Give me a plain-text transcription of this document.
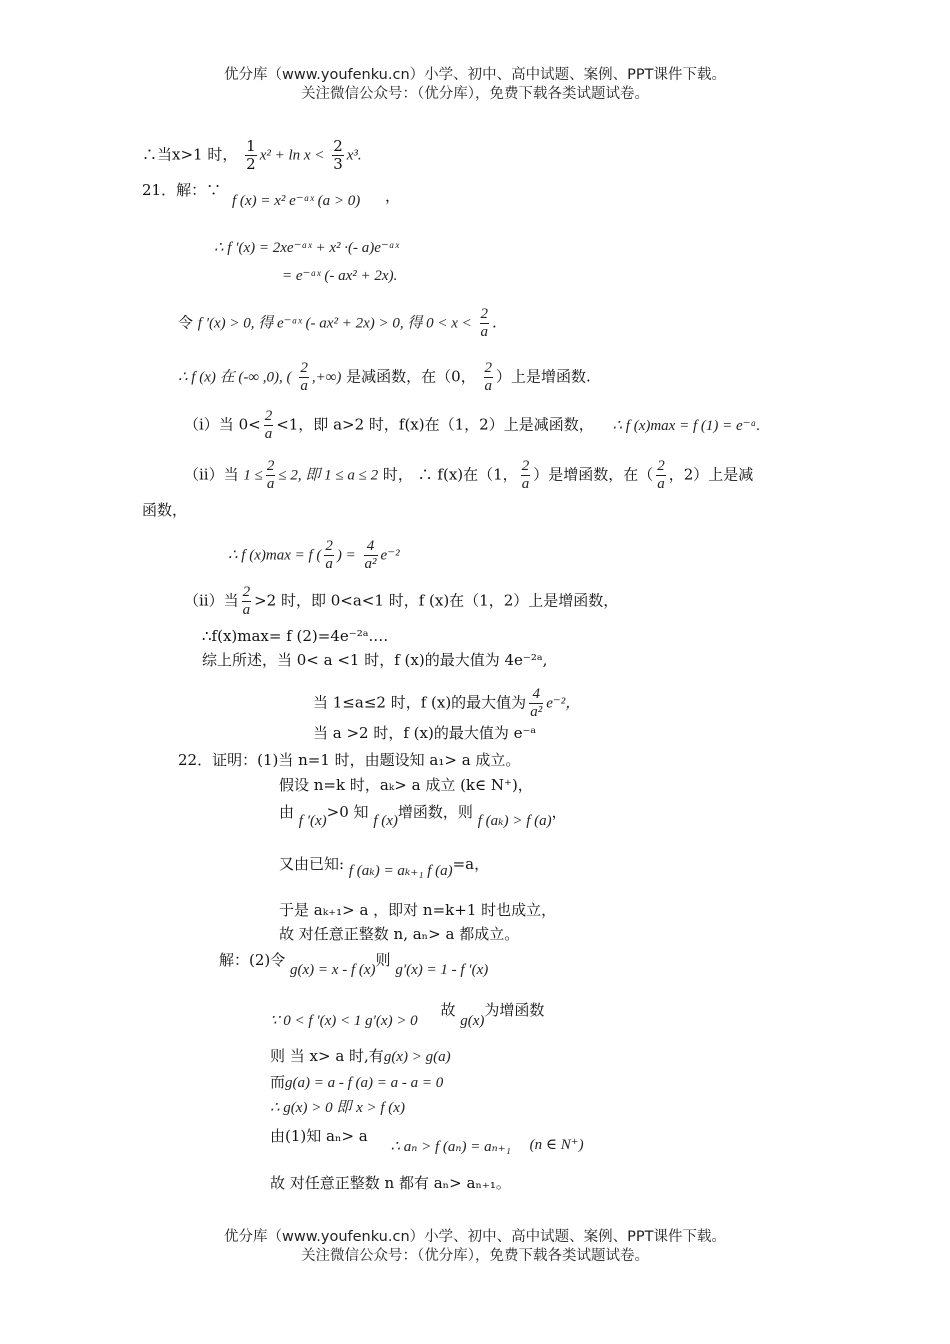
优分库（www.youfenku.cn）小学、初中、高中试题、案例、PPT课件下载。
关注微信公众号：（优分库），免费下载各类试题试卷。
∴当x>1 时， $\frac{1}{2} x^2 + \ln x < \frac{2}{3} x^3$.
21．解：∵
f (x) = x² e⁻ᵃˣ (a > 0) ，
∴ f ′(x) = 2xe⁻ᵃˣ + x² ·(- a)e⁻ᵃˣ
= e⁻ᵃˣ (- ax² + 2x).
令 f ′(x) > 0, 得 e⁻ᵃˣ (- ax² + 2x) > 0, 得 $0 < x < \frac{2}{a}$ .
∴ f (x) 在 (-∞ ,0), ( $\frac{2}{a}$ ,+∞) 是减函数，在（0， $\frac{2}{a}$ ）上是增函数.
（i）当 $0< \frac{2}{a} <1$，即 a>2 时，f(x)在（1，2）上是减函数， ∴ f (x)max = f (1) = e⁻ᵃ.
（ii）当 $1 \le \frac{2}{a} \le 2$, 即 1 ≤ a ≤ 2 时， ∴ f(x)在（1， $\frac{2}{a}$ ）是增函数，在（ $\frac{2}{a}$ ，2）上是减
函数，
∴ f (x)max = f ( $\frac{2}{a}$ ) = $\frac{4}{\text{a²}} e^{-2}$
（ii）当 $\frac{2}{a} >2$ 时，即 0<a<1 时，f (x)在（1，2）上是增函数，
∴f(x)max= f (2)=4e⁻²ᵃ.…
综上所述，当 0< a <1 时，f (x)的最大值为 4e⁻²ᵃ,
当 1≤a≤2 时，f (x)的最大值为 $\frac{4}{\text{a²}} e^{-2}$，
当 a >2 时，f (x)的最大值为 e⁻ᵃ
22．证明：(1)当 n=1 时，由题设知 a₁> a 成立。
假设 n=k 时，aₖ> a 成立 (k∈ N⁺)，
由 f ′(x)>0 知 f (x)增函数，则 f (aₖ) > f (a)，
又由已知: f (aₖ) = aₖ₊₁ f (a)=a，
于是 aₖ₊₁> a ，即对 n=k+1 时也成立，
故 对任意正整数 n, aₙ> a 都成立。
解：(2)令 g(x) = x - f (x)则 g′(x) = 1 - f ′(x)
∵ 0 < f ′(x) < 1 g′(x) > 0 故 g(x)为增函数
则 当 x> a 时,有g(x) > g(a)
而g(a) = a - f (a) = a - a = 0
∴ g(x) > 0 即 x > f (x)
由(1)知 aₙ> a ∴ aₙ > f (aₙ) = aₙ₊₁ (n ∈ N⁺)
故 对任意正整数 n 都有 aₙ> aₙ₊₁。
优分库（www.youfenku.cn）小学、初中、高中试题、案例、PPT课件下载。
关注微信公众号：（优分库），免费下载各类试题试卷。
